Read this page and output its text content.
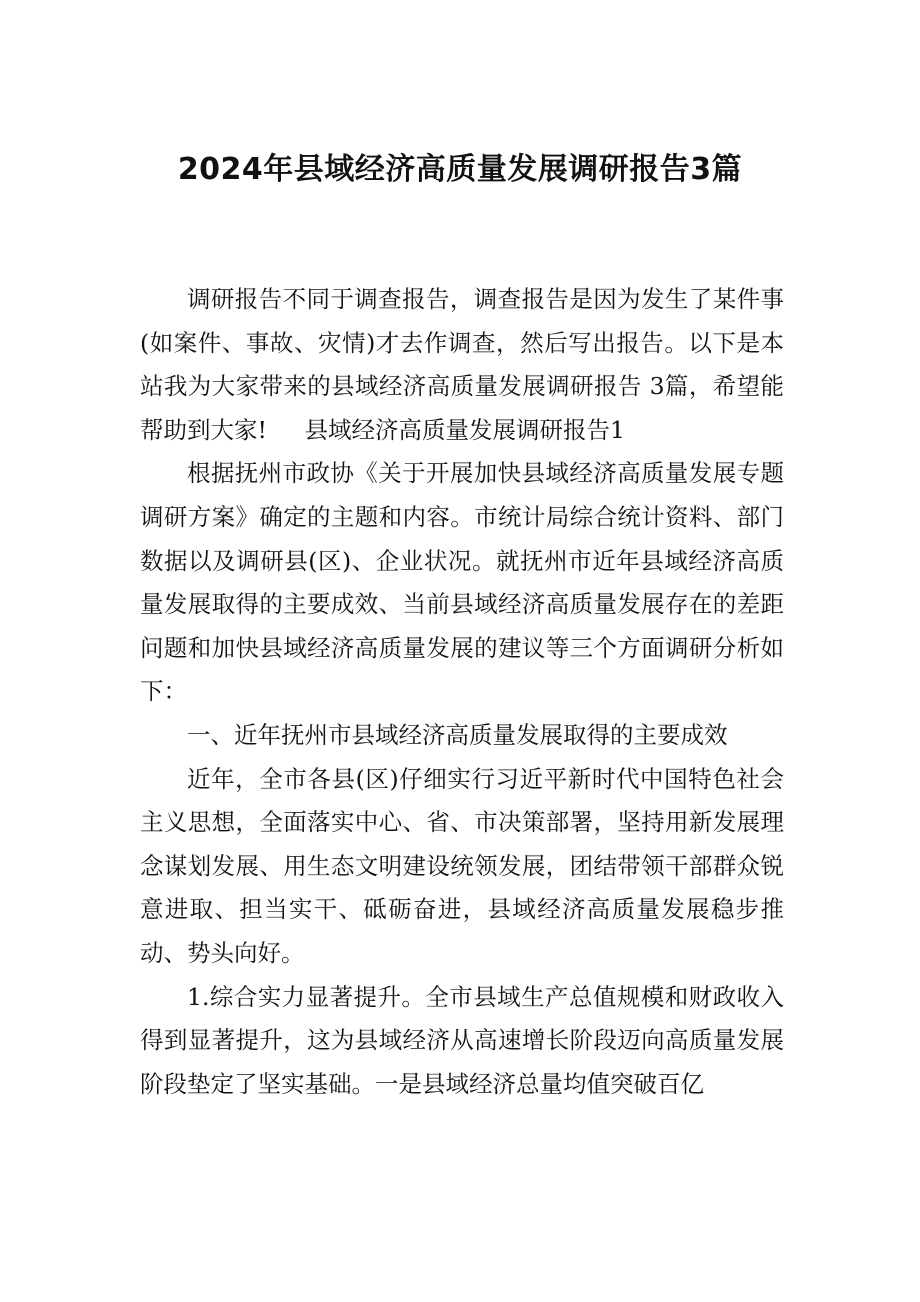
2024年县域经济高质量发展调研报告3篇

调研报告不同于调查报告，调查报告是因为发生了某件事(如案件、事故、灾情)才去作调查，然后写出报告。以下是本站我为大家带来的县域经济高质量发展调研报告 3篇，希望能帮助到大家! 县域经济高质量发展调研报告1

根据抚州市政协《关于开展加快县域经济高质量发展专题调研方案》确定的主题和内容。市统计局综合统计资料、部门数据以及调研县(区)、企业状况。就抚州市近年县域经济高质量发展取得的主要成效、当前县域经济高质量发展存在的差距问题和加快县域经济高质量发展的建议等三个方面调研分析如下：

一、近年抚州市县域经济高质量发展取得的主要成效

近年，全市各县(区)仔细实行习近平新时代中国特色社会主义思想，全面落实中心、省、市决策部署，坚持用新发展理念谋划发展、用生态文明建设统领发展，团结带领干部群众锐意进取、担当实干、砥砺奋进，县域经济高质量发展稳步推动、势头向好。

1.综合实力显著提升。全市县域生产总值规模和财政收入得到显著提升，这为县域经济从高速增长阶段迈向高质量发展阶段垫定了坚实基础。一是县域经济总量均值突破百亿
